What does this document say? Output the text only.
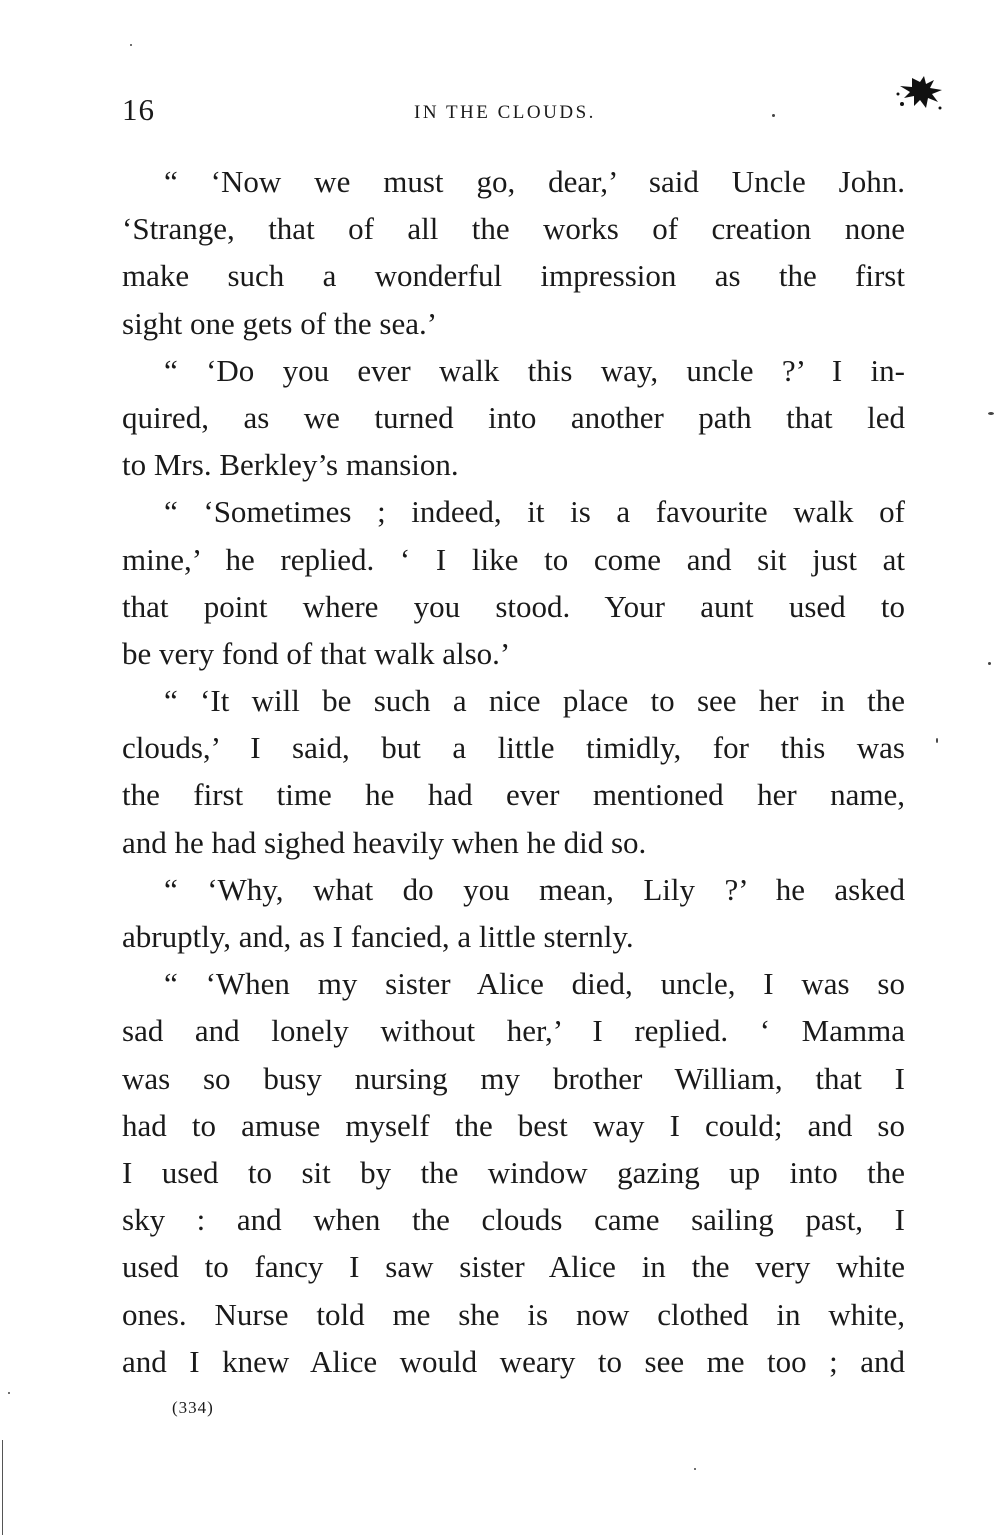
16	IN THE CLOUDS.
“ ‘Now we must go, dear,’ said Uncle John.
‘Strange, that of all the works of creation none
make such a wonderful impression as the first
sight one gets of the sea.’
“ ‘Do you ever walk this way, uncle ?’ I in-
quired, as we turned into another path that led
to Mrs. Berkley’s mansion.
“ ‘Sometimes ; indeed, it is a favourite walk of
mine,’ he replied. ‘ I like to come and sit just at
that point where you stood. Your aunt used to
be very fond of that walk also.’
“ ‘It will be such a nice place to see her in the
clouds,’ I said, but a little timidly, for this was
the first time he had ever mentioned her name,
and he had sighed heavily when he did so.
“ ‘Why, what do you mean, Lily ?’ he asked
abruptly, and, as I fancied, a little sternly.
“ ‘When my sister Alice died, uncle, I was so
sad and lonely without her,’ I replied. ‘ Mamma
was so busy nursing my brother William, that I
had to amuse myself the best way I could; and so
I used to sit by the window gazing up into the
sky : and when the clouds came sailing past, I
used to fancy I saw sister Alice in the very white
ones. Nurse told me she is now clothed in white,
and I knew Alice would weary to see me too ; and
(334)
